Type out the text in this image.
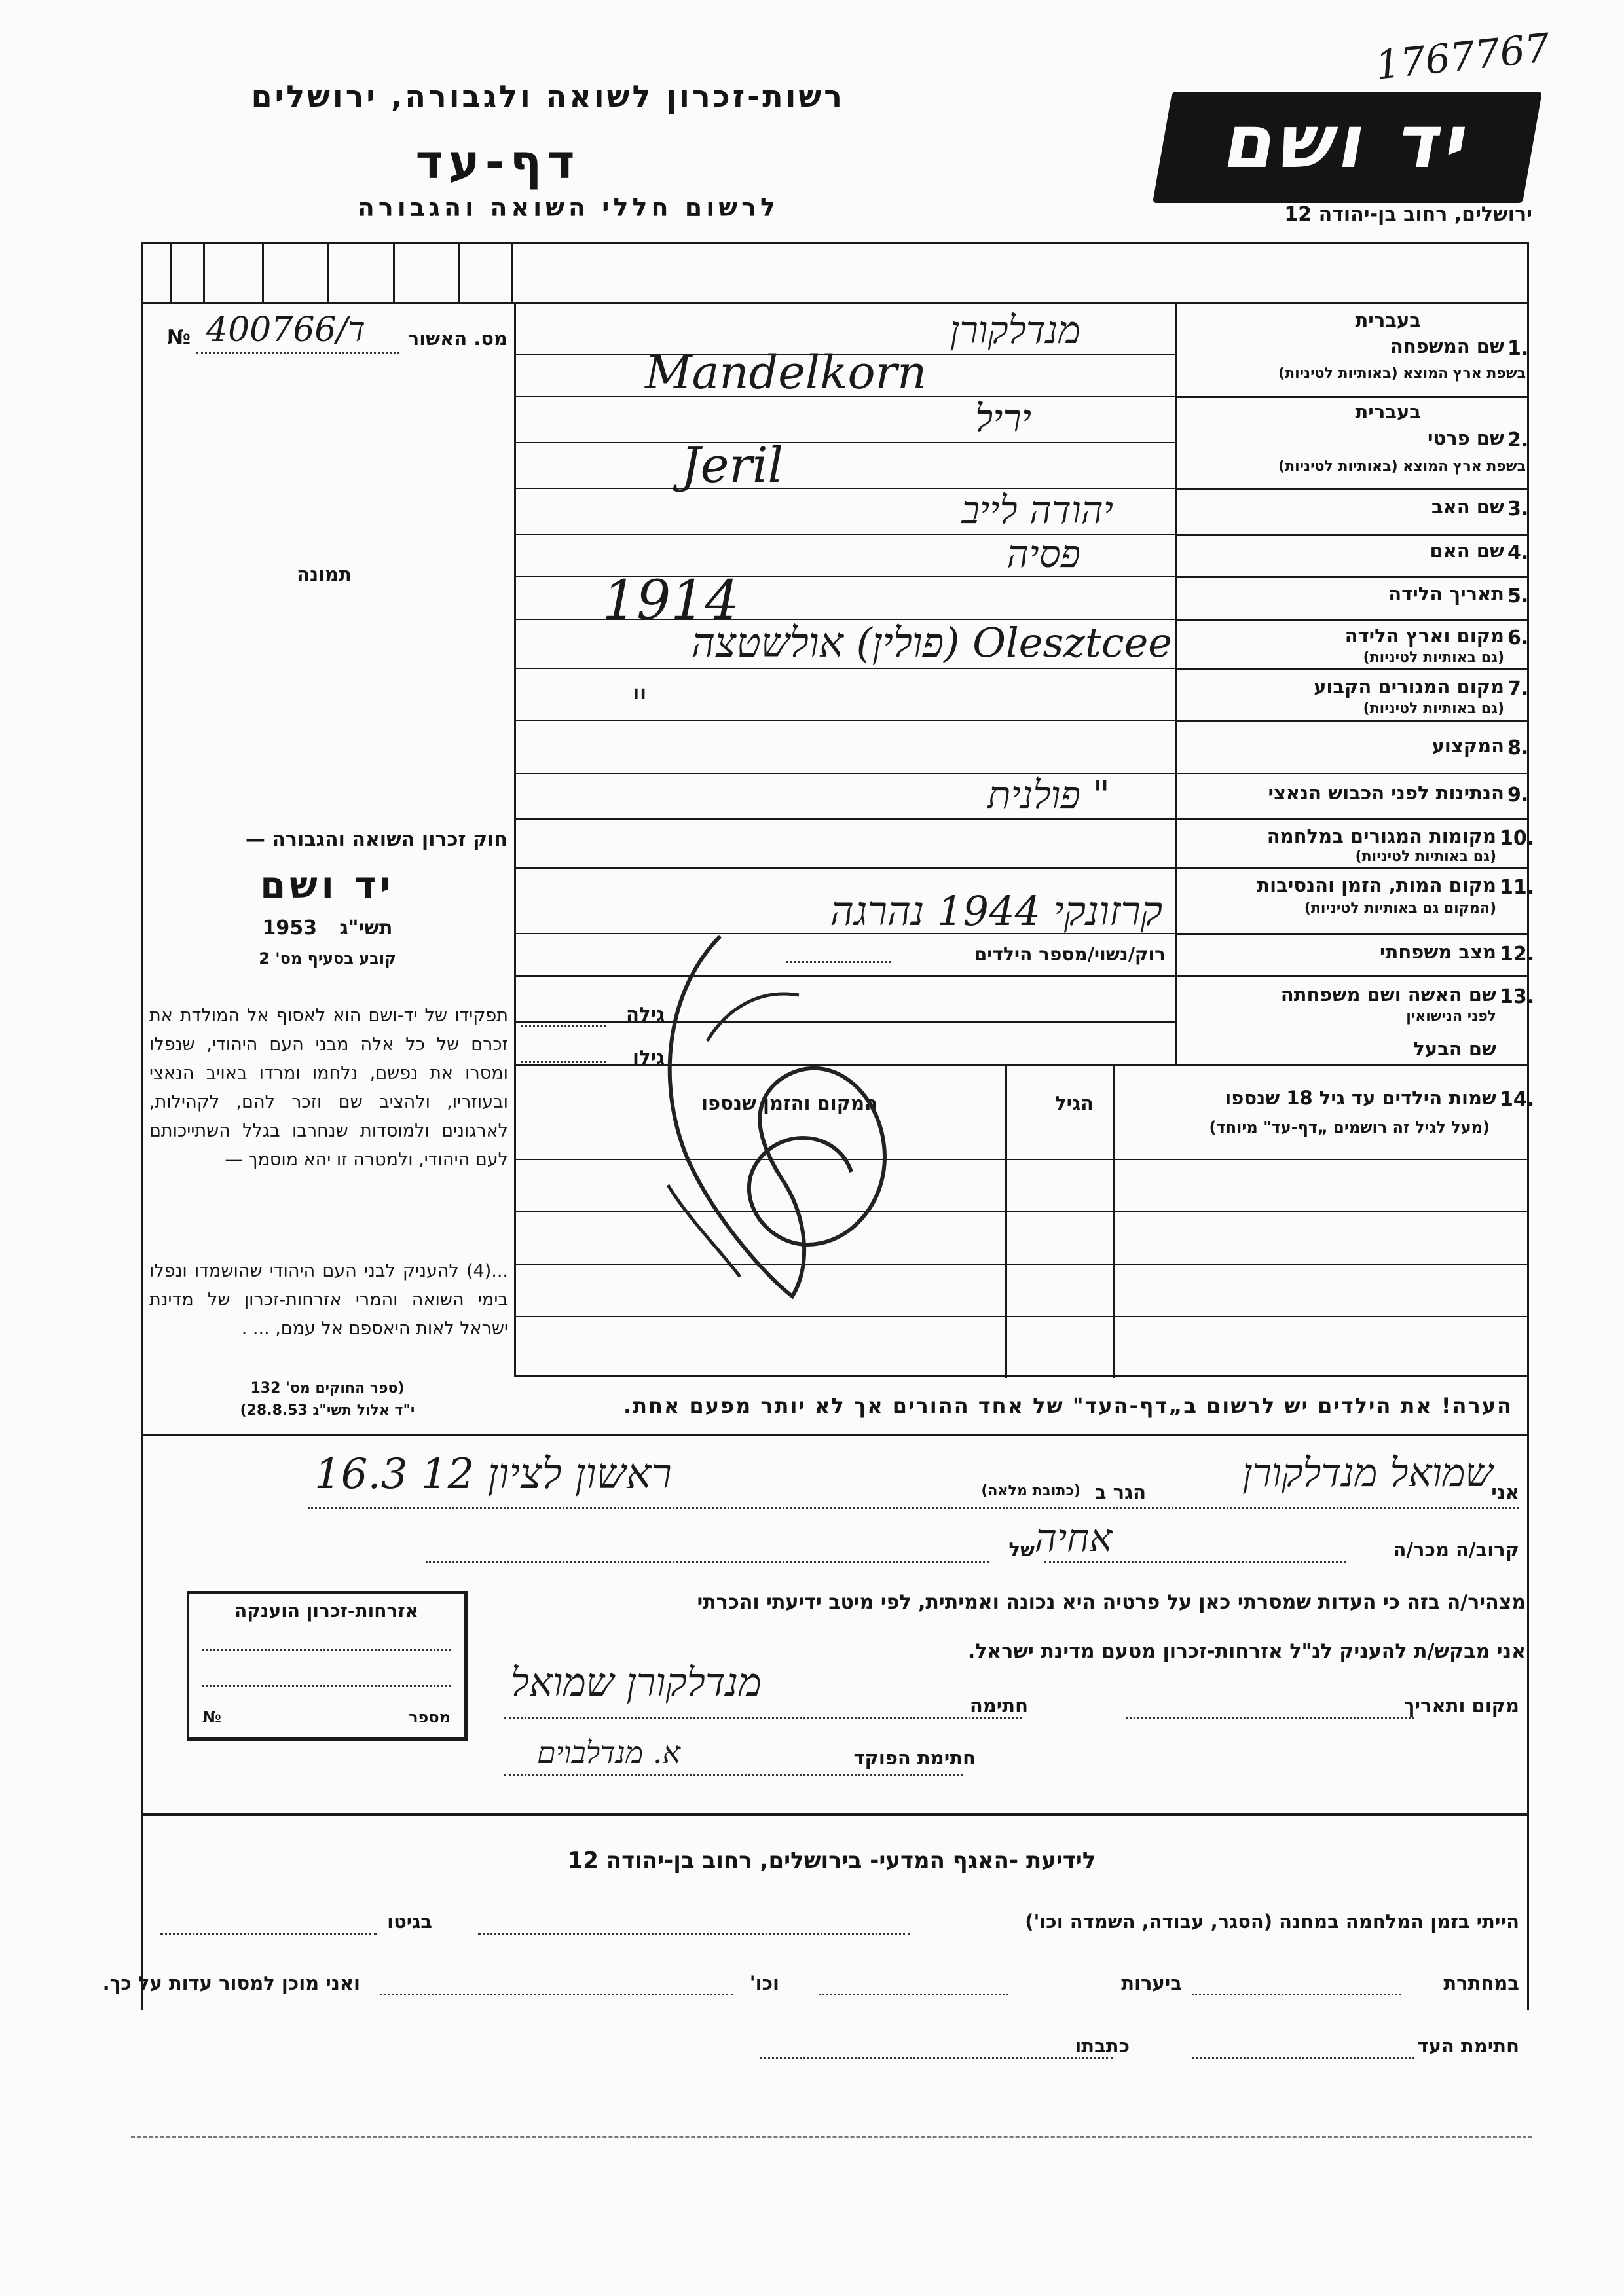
1767767
רשות-זכרון לשואה ולגבורה, ירושלים
דף-עד
לרשום חללי השואה והגבורה
יד ושם
ירושלים, רחוב בן-יהודה 12
№ 400766/ד מס. האשור
תמונה
חוק זכרון השואה והגבורה —
יד ושם
1953 תשי"ג
קובע בסעיף מס' 2
תפקידו של יד-ושם הוא לאסוף אל המולדת את זכרם של כל אלה מבני העם היהודי, שנפלו ומסרו את נפשם, נלחמו ומרדו באויב הנאצי ובעוזריו, ולהציב שם וזכר להם, לקהילות, לארגונים ולמוסדות שנחרבו בגלל השתייכותם לעם היהודי, ולמטרה זו יהא מוסמך —
...(4) להעניק לבני העם היהודי שהושמדו ונפלו בימי השואה והמרי אזרחות-זכרון של מדינת ישראל לאות היאספם אל עמם, ... .
(ספר החוקים מס' 132
י"ד אלול תשי"ג 28.8.53)
בעברית
1.
שם המשפחה
בשפת ארץ המוצא (באותיות לטיניות)
בעברית
2.
שם פרטי
בשפת ארץ המוצא (באותיות לטיניות)
3.
שם האב
4.
שם האם
5.
תאריך הלידה
6.
מקום וארץ הלידה
(גם באותיות לטיניות)
7.
מקום המגורים הקבוע
(גם באותיות לטיניות)
8.
המקצוע
9.
הנתינות לפני הכבוש הנאצי
10.
מקומות המגורים במלחמה
(גם באותיות לטיניות)
11.
מקום המות, הזמן והנסיבות
(המקום גם באותיות לטיניות)
12.
מצב משפחתי
13.
שם האשה ושם משפחתה
לפני הנישואין
שם הבעל
מנדלקורן
Mandelkorn
יריל
Jeril
יהודה לייב
פסיה
1914
Olesztcee (פולין) אולשטצה
"
" פולנית
קרזונקי 1944 נהרגה
רוק/נשוי/מספר הילדים
גילה
גילו
14.
שמות הילדים עד גיל 18 שנספו
(מעל לגיל זה רושמים „דף-עד" מיוחד)
הגיל
המקום והזמן שנספו
הערה! את הילדים יש לרשום ב„דף-העד" של אחד ההורים אך לא יותר מפעם אחת.
אני
שמואל מנדלקורן
הגר ב
(כתובת מלאה)
ראשון לציון 12 16.3
קרוב/ה מכר/ה
אחיה
של
מצהיר/ה בזה כי העדות שמסרתי כאן על פרטיה היא נכונה ואמיתית, לפי מיטב ידיעתי והכרתי
אני מבקש/ת להעניק לנ"ל אזרחות-זכרון מטעם מדינת ישראל.
מקום ותאריך
חתימה
מנדלקורן שמואל
חתימת הפוקד
א. מנדלבוים
אזרחות-זכרון הוענקה
מספר
№
לידיעת -האגף המדעי- בירושלים, רחוב בן-יהודה 12
הייתי בזמן המלחמה במחנה (הסגר, עבודה, השמדה וכו')
בגיטו
במחתרת
ביערות
וכו'
ואני מוכן למסור עדות על כך.
חתימת העד
כתבתו
